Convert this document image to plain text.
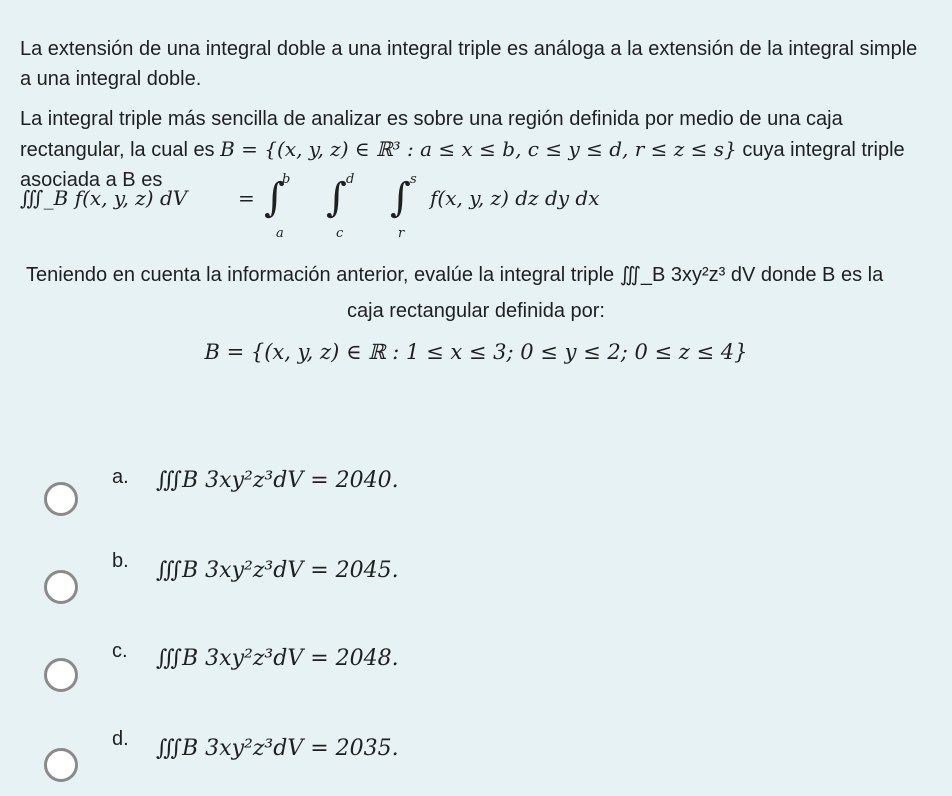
La extensión de una integral doble a una integral triple es análoga a la extensión de la integral simple a una integral doble.
La integral triple más sencilla de analizar es sobre una región definida por medio de una caja rectangular, la cual es B = {(x, y, z) ∈ ℝ³ : a ≤ x ≤ b, c ≤ y ≤ d, r ≤ z ≤ s} cuya integral triple asociada a B es
∭_B f(x, y, z) dV	= ∫
b
a
∫ d
c
∫ s
r
f(x, y, z) dz dy dx
Teniendo en cuenta la información anterior, evalúe la integral triple ∭_B 3xy²z³ dV donde B es la
caja rectangular definida por:
B = {(x, y, z) ∈ ℝ : 1 ≤ x ≤ 3; 0 ≤ y ≤ 2; 0 ≤ z ≤ 4}
a. ∭B 3xy²z³dV = 2040.
b. ∭B 3xy²z³dV = 2045.
c. ∭B 3xy²z³dV = 2048.
d. ∭B 3xy²z³dV = 2035.
